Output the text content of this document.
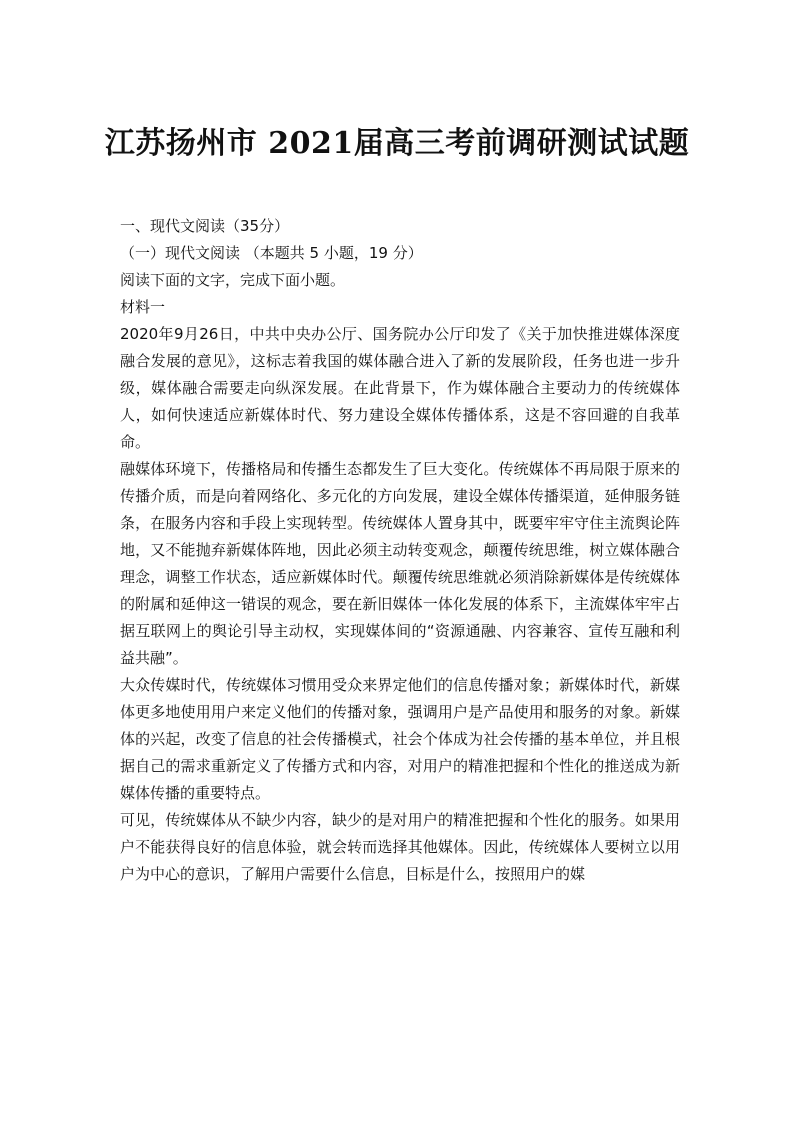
江苏扬州市 2021届高三考前调研测试试题

一、现代文阅读（35分）

（一）现代文阅读 （本题共 5 小题，19 分）

阅读下面的文字，完成下面小题。

材料一

2020年9月26日，中共中央办公厅、国务院办公厅印发了《关于加快推进媒体深度融合发展的意见》，这标志着我国的媒体融合进入了新的发展阶段，任务也进一步升级，媒体融合需要走向纵深发展。在此背景下，作为媒体融合主要动力的传统媒体人，如何快速适应新媒体时代、努力建设全媒体传播体系，这是不容回避的自我革命。

融媒体环境下，传播格局和传播生态都发生了巨大变化。传统媒体不再局限于原来的传播介质，而是向着网络化、多元化的方向发展，建设全媒体传播渠道，延伸服务链条，在服务内容和手段上实现转型。传统媒体人置身其中，既要牢牢守住主流舆论阵地，又不能抛弃新媒体阵地，因此必须主动转变观念，颠覆传统思维，树立媒体融合理念，调整工作状态，适应新媒体时代。颠覆传统思维就必须消除新媒体是传统媒体的附属和延伸这一错误的观念，要在新旧媒体一体化发展的体系下，主流媒体牢牢占据互联网上的舆论引导主动权，实现媒体间的“资源通融、内容兼容、宣传互融和利益共融”。

大众传媒时代，传统媒体习惯用受众来界定他们的信息传播对象；新媒体时代，新媒体更多地使用用户来定义他们的传播对象，强调用户是产品使用和服务的对象。新媒体的兴起，改变了信息的社会传播模式，社会个体成为社会传播的基本单位，并且根据自己的需求重新定义了传播方式和内容，对用户的精准把握和个性化的推送成为新媒体传播的重要特点。

可见，传统媒体从不缺少内容，缺少的是对用户的精准把握和个性化的服务。如果用户不能获得良好的信息体验，就会转而选择其他媒体。因此，传统媒体人要树立以用户为中心的意识，了解用户需要什么信息，目标是什么，按照用户的媒
